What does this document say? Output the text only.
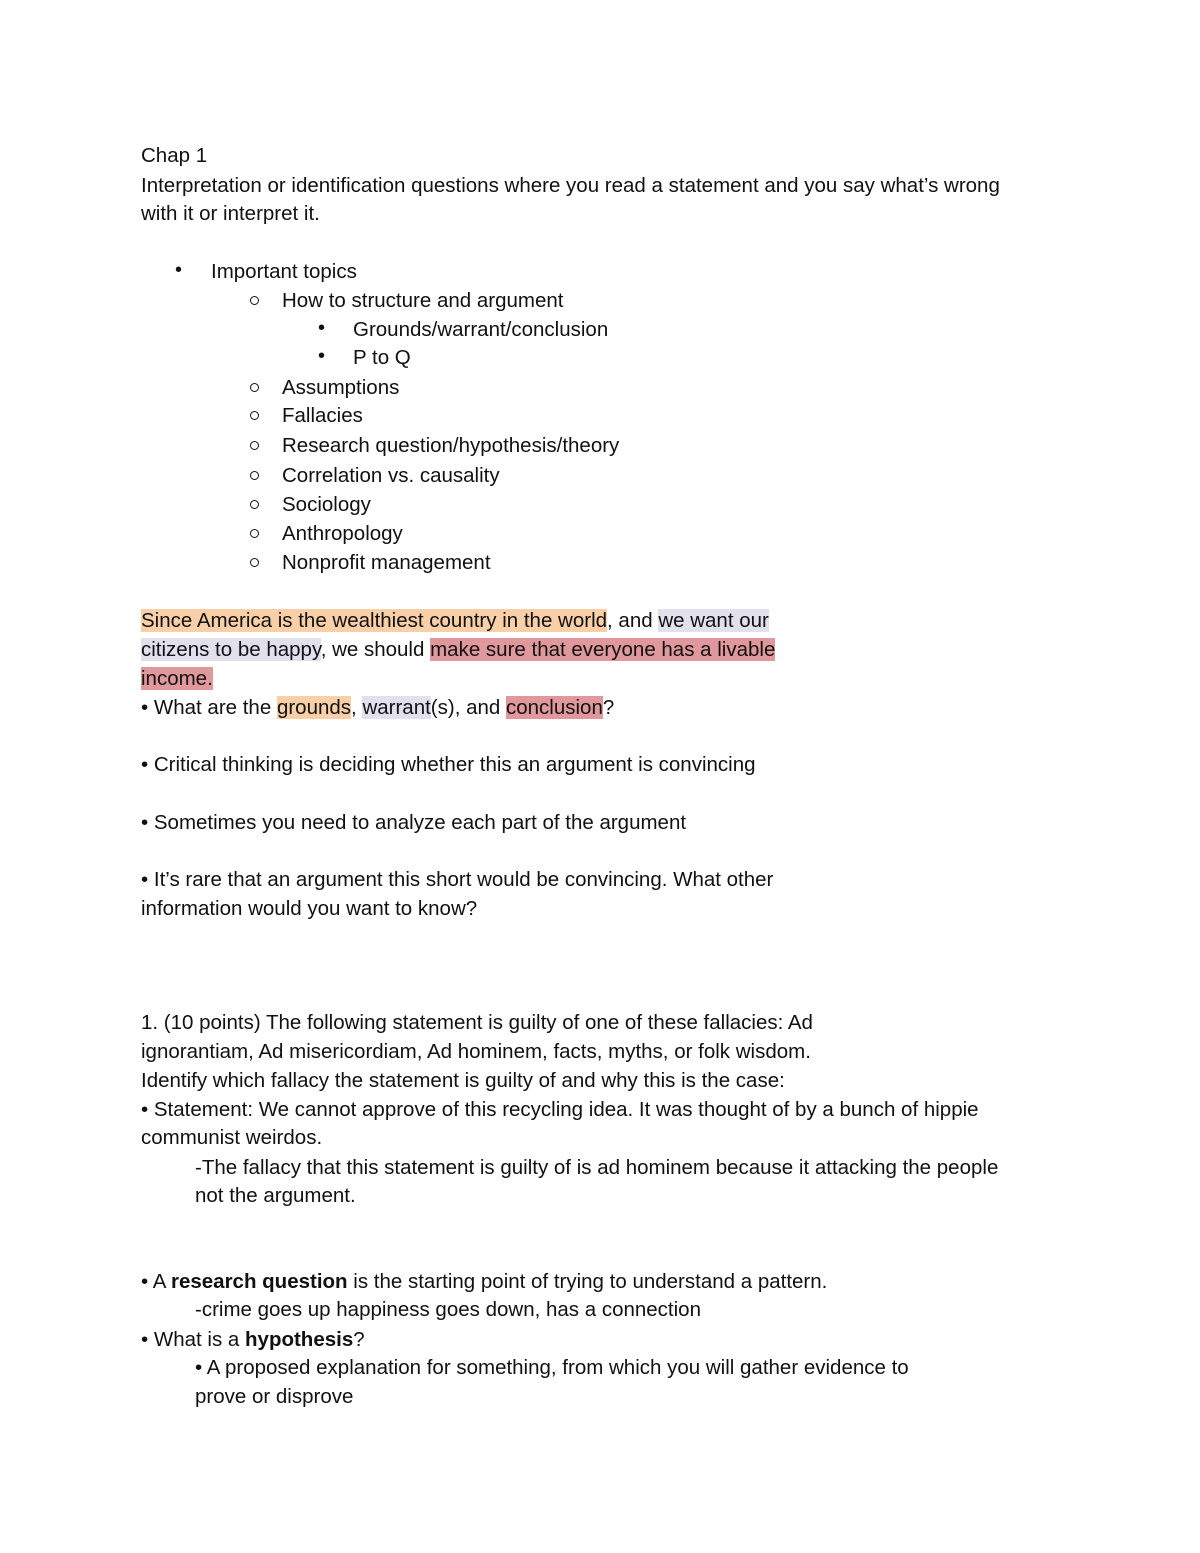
Chap 1
Interpretation or identification questions where you read a statement and you say what’s wrong
with it or interpret it.
• Important topics
How to structure and argument
• Grounds/warrant/conclusion
• P to Q
Assumptions
Fallacies
Research question/hypothesis/theory
Correlation vs. causality
Sociology
Anthropology
Nonprofit management
Since America is the wealthiest country in the world, and we want our
citizens to be happy, we should make sure that everyone has a livable
income.
• What are the grounds, warrant(s), and conclusion?
• Critical thinking is deciding whether this an argument is convincing
• Sometimes you need to analyze each part of the argument
• It’s rare that an argument this short would be convincing. What other
information would you want to know?
1. (10 points) The following statement is guilty of one of these fallacies: Ad
ignorantiam, Ad misericordiam, Ad hominem, facts, myths, or folk wisdom.
Identify which fallacy the statement is guilty of and why this is the case:
• Statement: We cannot approve of this recycling idea. It was thought of by a bunch of hippie
communist weirdos.
-The fallacy that this statement is guilty of is ad hominem because it attacking the people
not the argument.
• A research question is the starting point of trying to understand a pattern.
-crime goes up happiness goes down, has a connection
• What is a hypothesis?
• A proposed explanation for something, from which you will gather evidence to
prove or disprove
